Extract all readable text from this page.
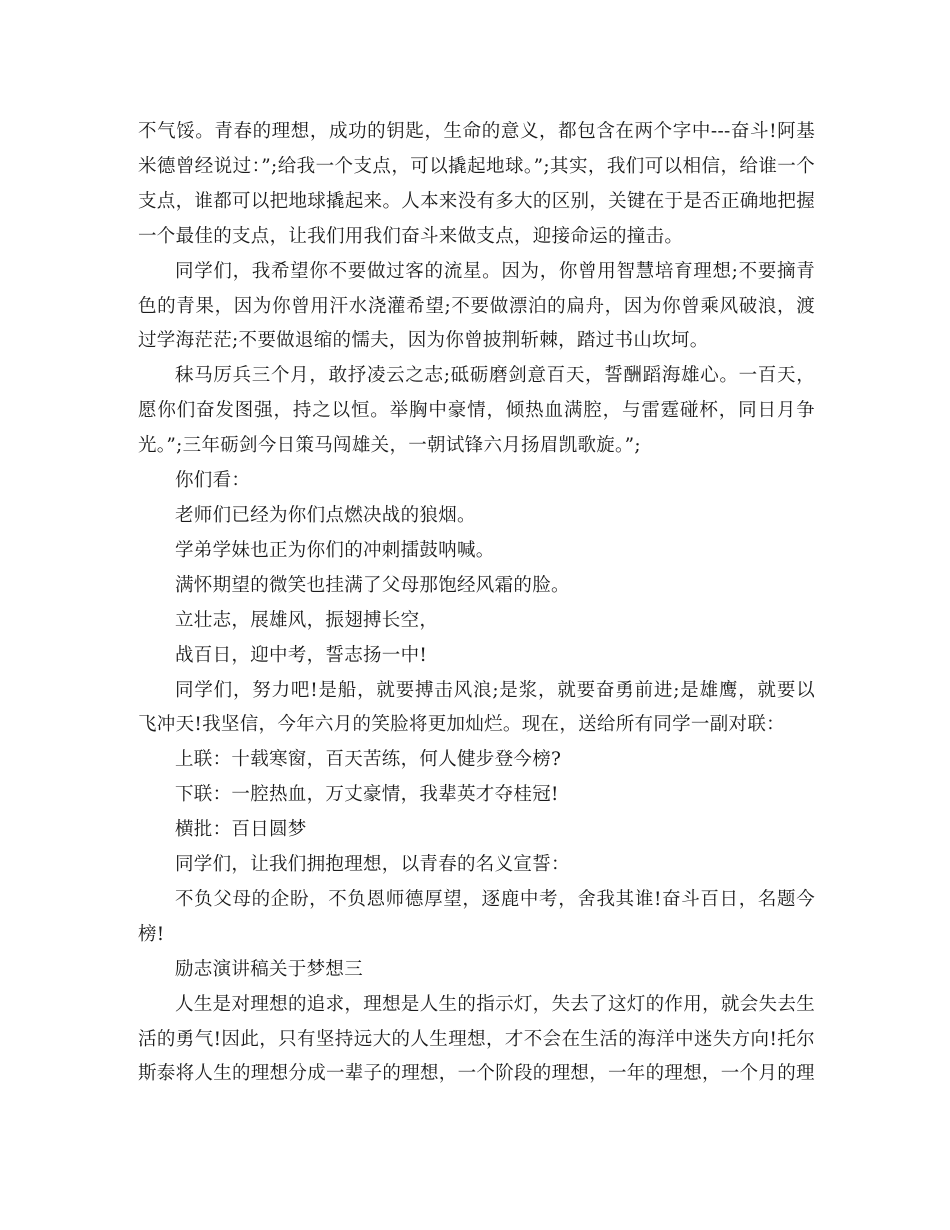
不气馁。青春的理想，成功的钥匙，生命的意义，都包含在两个字中---奋斗!阿基米德曾经说过：”;给我一个支点，可以撬起地球。”;其实，我们可以相信，给谁一个支点，谁都可以把地球撬起来。人本来没有多大的区别，关键在于是否正确地把握一个最佳的支点，让我们用我们奋斗来做支点，迎接命运的撞击。

同学们，我希望你不要做过客的流星。因为，你曾用智慧培育理想;不要摘青色的青果，因为你曾用汗水浇灌希望;不要做漂泊的扁舟，因为你曾乘风破浪，渡过学海茫茫;不要做退缩的懦夫，因为你曾披荆斩棘，踏过书山坎坷。

秣马厉兵三个月，敢抒凌云之志;砥砺磨剑意百天，誓酬蹈海雄心。一百天，愿你们奋发图强，持之以恒。举胸中豪情，倾热血满腔，与雷霆碰杯，同日月争光。”;三年砺剑今日策马闯雄关，一朝试锋六月扬眉凯歌旋。”;

你们看：

老师们已经为你们点燃决战的狼烟。

学弟学妹也正为你们的冲刺擂鼓呐喊。

满怀期望的微笑也挂满了父母那饱经风霜的脸。

立壮志，展雄风，振翅搏长空，

战百日，迎中考，誓志扬一中!

同学们，努力吧!是船，就要搏击风浪;是浆，就要奋勇前进;是雄鹰，就要以飞冲天!我坚信，今年六月的笑脸将更加灿烂。现在，送给所有同学一副对联：

上联：十载寒窗，百天苦练，何人健步登今榜?

下联：一腔热血，万丈豪情，我辈英才夺桂冠!

横批：百日圆梦

同学们，让我们拥抱理想，以青春的名义宣誓：

不负父母的企盼，不负恩师德厚望，逐鹿中考，舍我其谁!奋斗百日，名题今榜!

励志演讲稿关于梦想三

人生是对理想的追求，理想是人生的指示灯，失去了这灯的作用，就会失去生活的勇气!因此，只有坚持远大的人生理想，才不会在生活的海洋中迷失方向!托尔斯泰将人生的理想分成一辈子的理想，一个阶段的理想，一年的理想，一个月的理
